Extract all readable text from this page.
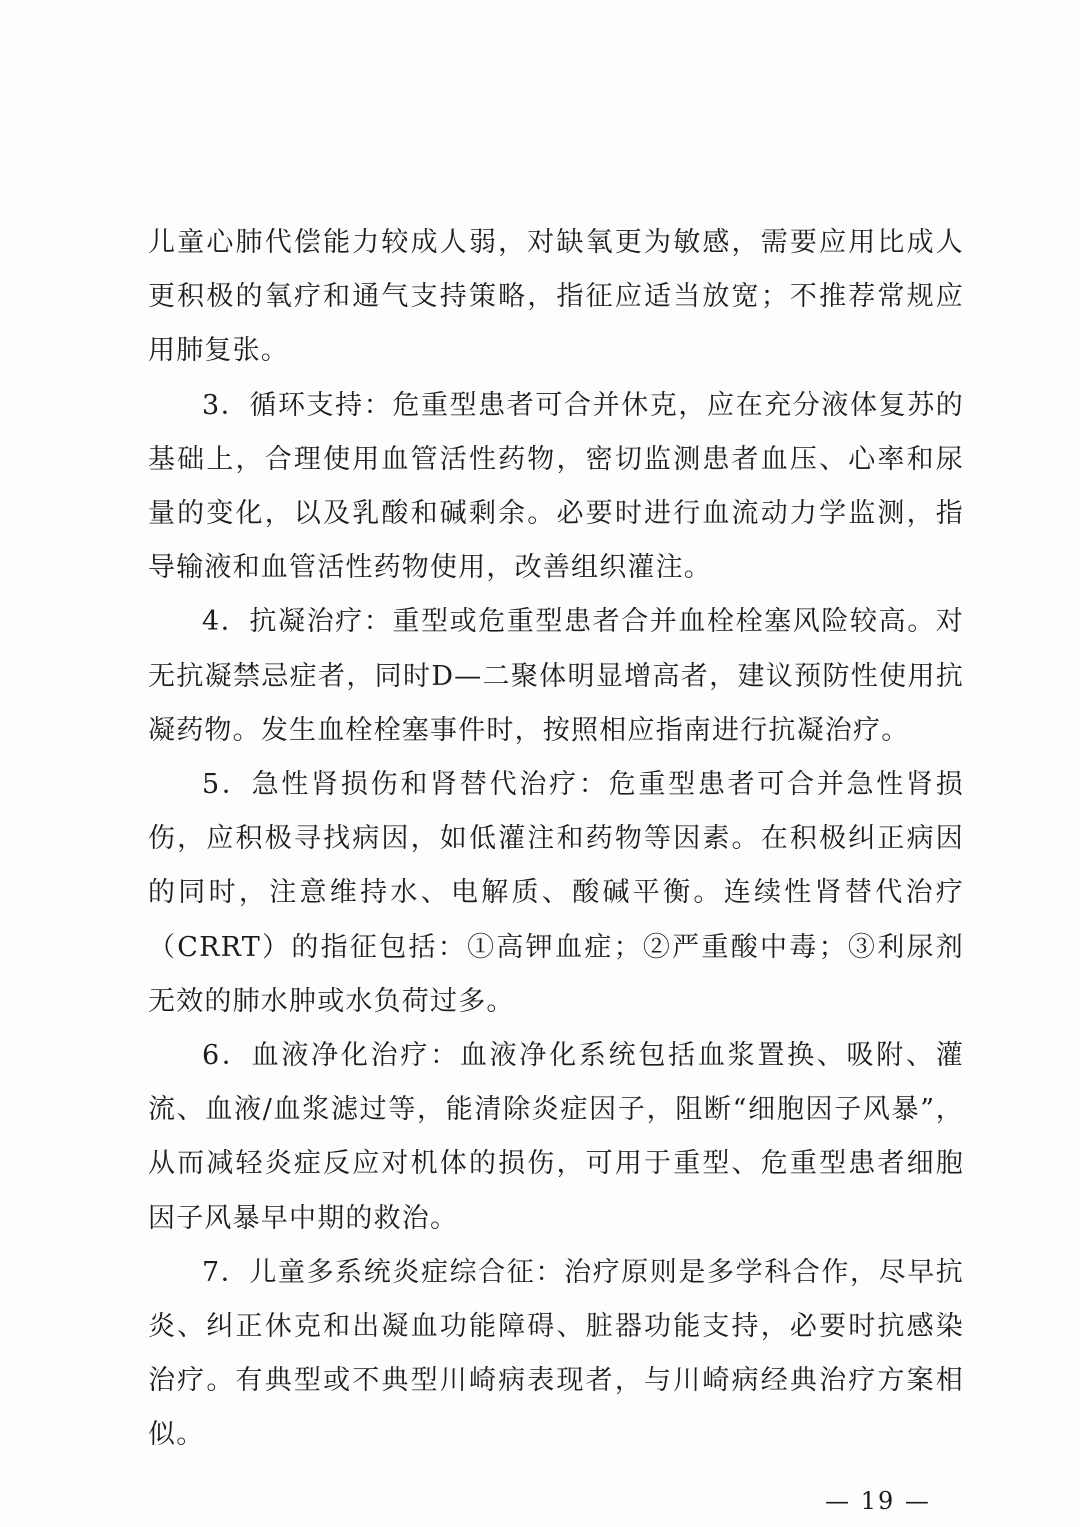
儿童心肺代偿能力较成人弱，对缺氧更为敏感，需要应用比成人更积极的氧疗和通气支持策略，指征应适当放宽；不推荐常规应用肺复张。

3．循环支持：危重型患者可合并休克，应在充分液体复苏的基础上，合理使用血管活性药物，密切监测患者血压、心率和尿量的变化，以及乳酸和碱剩余。必要时进行血流动力学监测，指导输液和血管活性药物使用，改善组织灌注。

4．抗凝治疗：重型或危重型患者合并血栓栓塞风险较高。对无抗凝禁忌症者，同时D—二聚体明显增高者，建议预防性使用抗凝药物。发生血栓栓塞事件时，按照相应指南进行抗凝治疗。

5．急性肾损伤和肾替代治疗：危重型患者可合并急性肾损伤，应积极寻找病因，如低灌注和药物等因素。在积极纠正病因的同时，注意维持水、电解质、酸碱平衡。连续性肾替代治疗（CRRT）的指征包括：①高钾血症；②严重酸中毒；③利尿剂无效的肺水肿或水负荷过多。

6．血液净化治疗：血液净化系统包括血浆置换、吸附、灌流、血液/血浆滤过等，能清除炎症因子，阻断“细胞因子风暴”，从而减轻炎症反应对机体的损伤，可用于重型、危重型患者细胞因子风暴早中期的救治。

7．儿童多系统炎症综合征：治疗原则是多学科合作，尽早抗炎、纠正休克和出凝血功能障碍、脏器功能支持，必要时抗感染治疗。有典型或不典型川崎病表现者，与川崎病经典治疗方案相似。

— 19 —
